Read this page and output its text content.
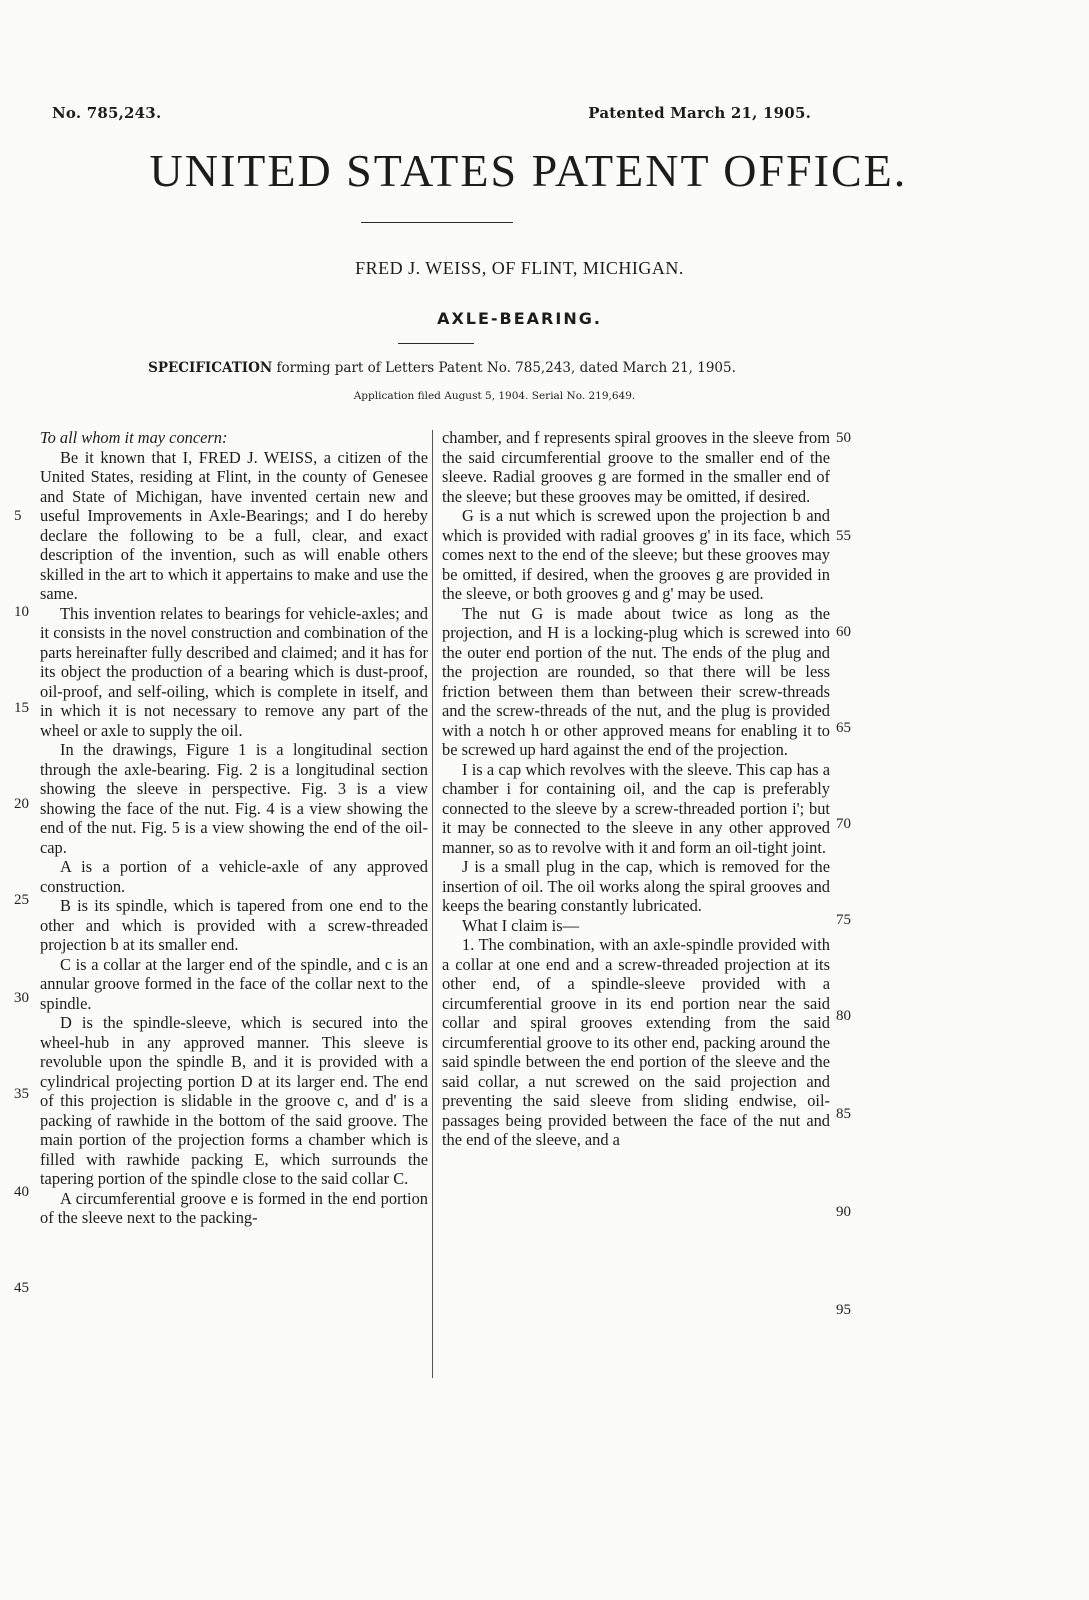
No. 785,243.	Patented March 21, 1905.
UNITED STATES PATENT OFFICE.
FRED J. WEISS, OF FLINT, MICHIGAN.
AXLE-BEARING.
SPECIFICATION forming part of Letters Patent No. 785,243, dated March 21, 1905.
Application filed August 5, 1904. Serial No. 219,649.

To all whom it may concern:

Be it known that I, FRED J. WEISS, a citizen of the United States, residing at Flint, in the county of Genesee and State of Michigan, have invented certain new and useful Improvements in Axle-Bearings; and I do hereby declare the following to be a full, clear, and exact description of the invention, such as will enable others skilled in the art to which it appertains to make and use the same.

This invention relates to bearings for vehicle-axles; and it consists in the novel construction and combination of the parts hereinafter fully described and claimed; and it has for its object the production of a bearing which is dust-proof, oil-proof, and self-oiling, which is complete in itself, and in which it is not necessary to remove any part of the wheel or axle to supply the oil.

In the drawings, Figure 1 is a longitudinal section through the axle-bearing. Fig. 2 is a longitudinal section showing the sleeve in perspective. Fig. 3 is a view showing the face of the nut. Fig. 4 is a view showing the end of the nut. Fig. 5 is a view showing the end of the oil-cap.

A is a portion of a vehicle-axle of any approved construction.

B is its spindle, which is tapered from one end to the other and which is provided with a screw-threaded projection b at its smaller end.

C is a collar at the larger end of the spindle, and c is an annular groove formed in the face of the collar next to the spindle.

D is the spindle-sleeve, which is secured into the wheel-hub in any approved manner. This sleeve is revoluble upon the spindle B, and it is provided with a cylindrical projecting portion D at its larger end. The end of this projection is slidable in the groove c, and d' is a packing of rawhide in the bottom of the said groove. The main portion of the projection forms a chamber which is filled with rawhide packing E, which surrounds the tapering portion of the spindle close to the said collar C.

A circumferential groove e is formed in the end portion of the sleeve next to the packing-

chamber, and f represents spiral grooves in the sleeve from the said circumferential groove to the smaller end of the sleeve. Radial grooves g are formed in the smaller end of the sleeve; but these grooves may be omitted, if desired.

G is a nut which is screwed upon the projection b and which is provided with radial grooves g' in its face, which comes next to the end of the sleeve; but these grooves may be omitted, if desired, when the grooves g are provided in the sleeve, or both grooves g and g' may be used.

The nut G is made about twice as long as the projection, and H is a locking-plug which is screwed into the outer end portion of the nut. The ends of the plug and the projection are rounded, so that there will be less friction between them than between their screw-threads and the screw-threads of the nut, and the plug is provided with a notch h or other approved means for enabling it to be screwed up hard against the end of the projection.

I is a cap which revolves with the sleeve. This cap has a chamber i for containing oil, and the cap is preferably connected to the sleeve by a screw-threaded portion i'; but it may be connected to the sleeve in any other approved manner, so as to revolve with it and form an oil-tight joint.

J is a small plug in the cap, which is removed for the insertion of oil. The oil works along the spiral grooves and keeps the bearing constantly lubricated.

What I claim is—

1. The combination, with an axle-spindle provided with a collar at one end and a screw-threaded projection at its other end, of a spindle-sleeve provided with a circumferential groove in its end portion near the said collar and spiral grooves extending from the said circumferential groove to its other end, packing around the said spindle between the end portion of the sleeve and the said collar, a nut screwed on the said projection and preventing the said sleeve from sliding endwise, oil-passages being provided between the face of the nut and the end of the sleeve, and a

5
10
15
20
25
30
35
40
45
50
55
60
65
70
75
80
85
90
95
